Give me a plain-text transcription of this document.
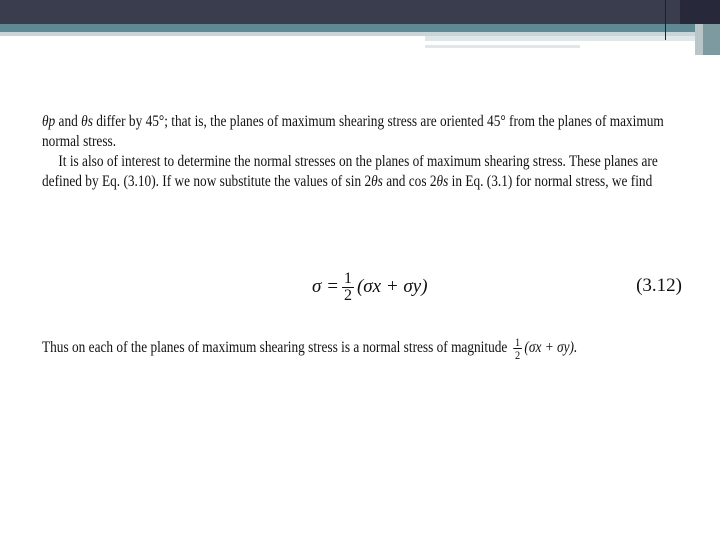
θp and θs differ by 45°; that is, the planes of maximum shearing stress are oriented 45° from the planes of maximum normal stress.

It is also of interest to determine the normal stresses on the planes of maximum shearing stress. These planes are defined by Eq. (3.10). If we now substitute the values of sin 2θs and cos 2θs in Eq. (3.1) for normal stress, we find

$\sigma = \frac{1}{2} (\sigma x + \sigma y)$	(3.12)
Thus on each of the planes of maximum shearing stress is a normal stress of magnitude $\frac{1}{2} (\sigma x + \sigma y)$.
